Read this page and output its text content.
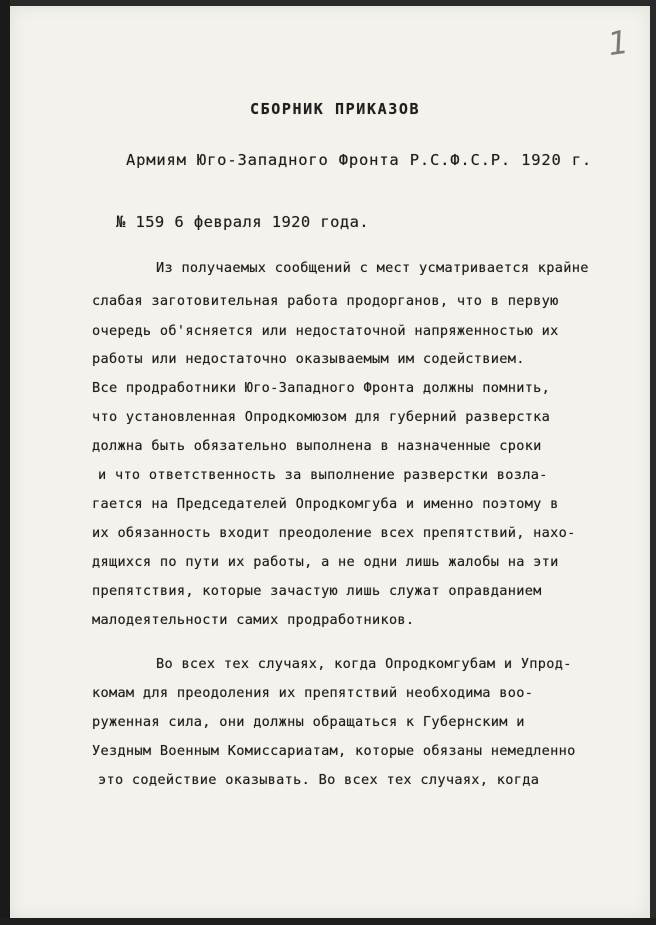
1
СБОРНИК ПРИКАЗОВ
Армиям Юго-Западного Фронта Р.С.Ф.С.Р. 1920 г.
№ 159 6 февраля 1920 года.
Из получаемых сообщений с мест усматривается крайне
слабая заготовительная работа продорганов, что в первую
очередь об'ясняется или недостаточной напряженностью их
работы или недостаточно оказываемым им содействием.
Все продработники Юго-Западного Фронта должны помнить,
что установленная Опродкомюзом для губерний разверстка
должна быть обязательно выполнена в назначенные сроки
и что ответственность за выполнение разверстки возла-
гается на Председателей Опродкомгуба и именно поэтому в
их обязанность входит преодоление всех препятствий, нахо-
дящихся по пути их работы, а не одни лишь жалобы на эти
препятствия, которые зачастую лишь служат оправданием
малодеятельности самих продработников.
Во всех тех случаях, когда Опродкомгубам и Упрод-
комам для преодоления их препятствий необходима воо-
руженная сила, они должны обращаться к Губернским и
Уездным Военным Комиссариатам, которые обязаны немедленно
это содействие оказывать. Во всех тех случаях, когда
